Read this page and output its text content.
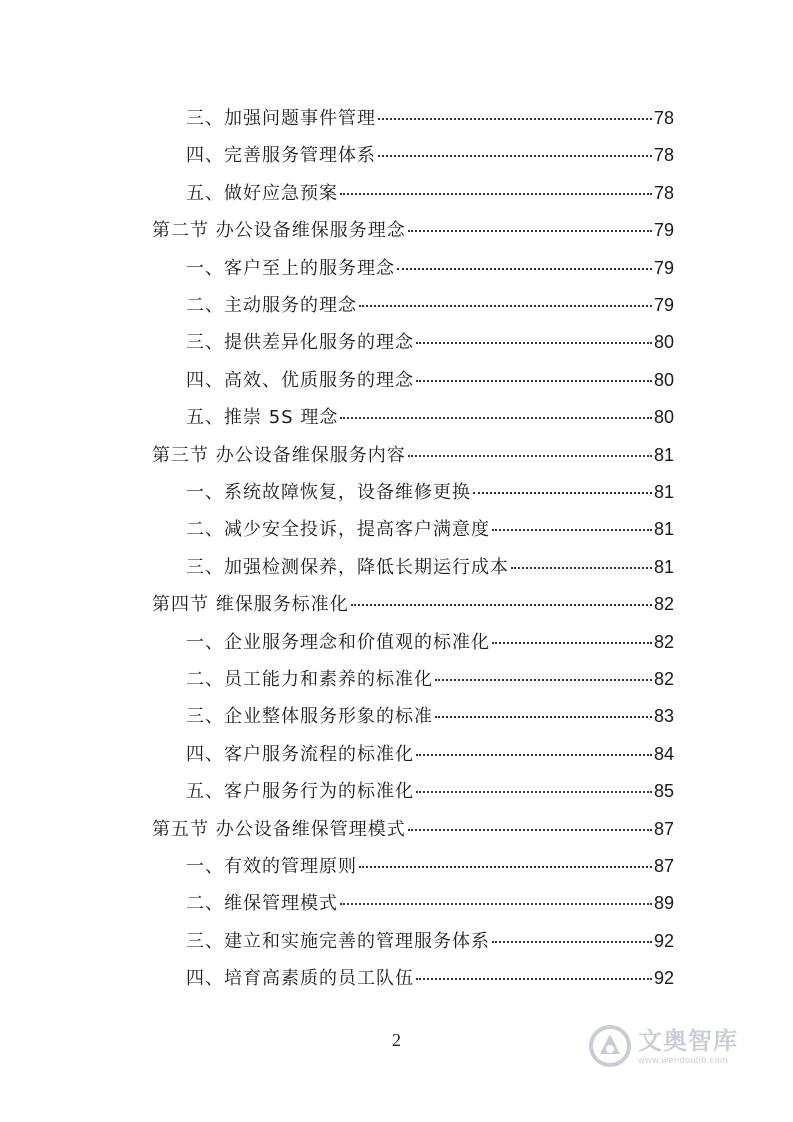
三、加强问题事件管理	78
四、完善服务管理体系	78
五、做好应急预案	78
第二节 办公设备维保服务理念	79
一、客户至上的服务理念	79
二、主动服务的理念	79
三、提供差异化服务的理念	80
四、高效、优质服务的理念	80
五、推崇 5S 理念	80
第三节 办公设备维保服务内容	81
一、系统故障恢复，设备维修更换	81
二、减少安全投诉，提高客户满意度	81
三、加强检测保养，降低长期运行成本	81
第四节 维保服务标准化	82
一、企业服务理念和价值观的标准化	82
二、员工能力和素养的标准化	82
三、企业整体服务形象的标准	83
四、客户服务流程的标准化	84
五、客户服务行为的标准化	85
第五节 办公设备维保管理模式	87
一、有效的管理原则	87
二、维保管理模式	89
三、建立和实施完善的管理服务体系	92
四、培育高素质的员工队伍	92
2	文奥智库
www.wendoulib.com
